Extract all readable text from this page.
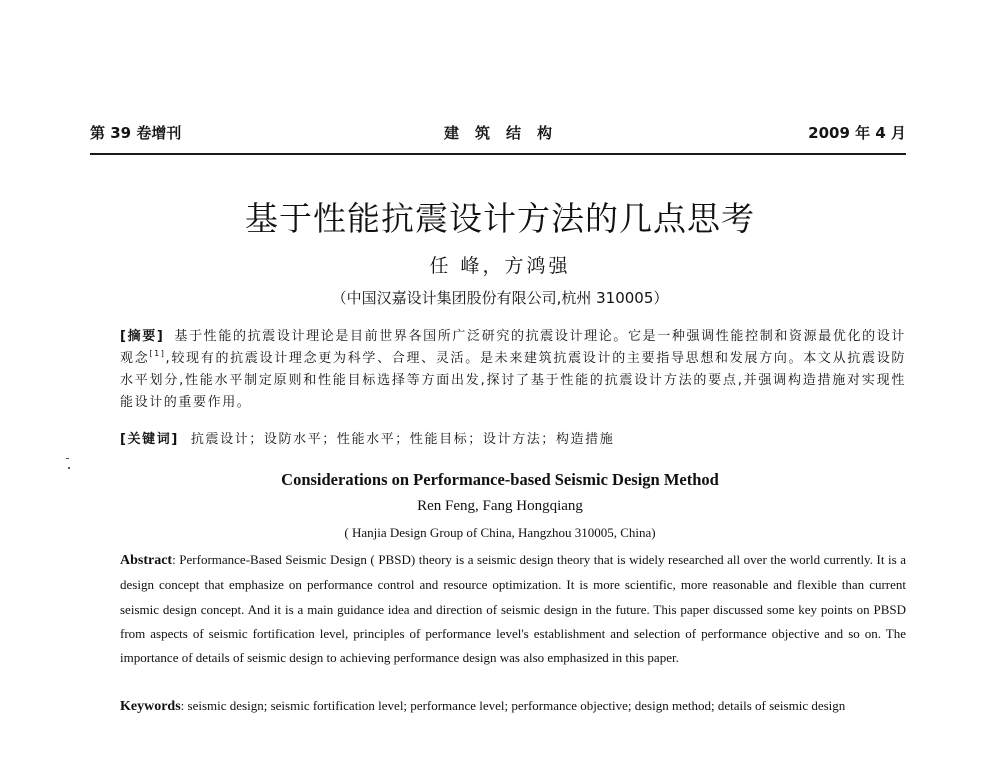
第 39 卷增刊	建筑结构	2009 年 4 月
基于性能抗震设计方法的几点思考
任 峰，方鸿强
（中国汉嘉设计集团股份有限公司,杭州 310005）
[摘要] 基于性能的抗震设计理论是目前世界各国所广泛研究的抗震设计理论。它是一种强调性能控制和资源最优化的设计观念[1],较现有的抗震设计理念更为科学、合理、灵活。是未来建筑抗震设计的主要指导思想和发展方向。本文从抗震设防水平划分,性能水平制定原则和性能目标选择等方面出发,探讨了基于性能的抗震设计方法的要点,并强调构造措施对实现性能设计的重要作用。
[关键词] 抗震设计；设防水平；性能水平；性能目标；设计方法；构造措施
Considerations on Performance-based Seismic Design Method
Ren Feng, Fang Hongqiang
( Hanjia Design Group of China, Hangzhou 310005, China)
Abstract: Performance-Based Seismic Design ( PBSD) theory is a seismic design theory that is widely researched all over the world currently. It is a design concept that emphasize on performance control and resource optimization. It is more scientific, more reasonable and flexible than current seismic design concept. And it is a main guidance idea and direction of seismic design in the future. This paper discussed some key points on PBSD from aspects of seismic fortification level, principles of performance level's establishment and selection of performance objective and so on. The importance of details of seismic design to achieving performance design was also emphasized in this paper.
Keywords: seismic design; seismic fortification level; performance level; performance objective; design method; details of seismic design
